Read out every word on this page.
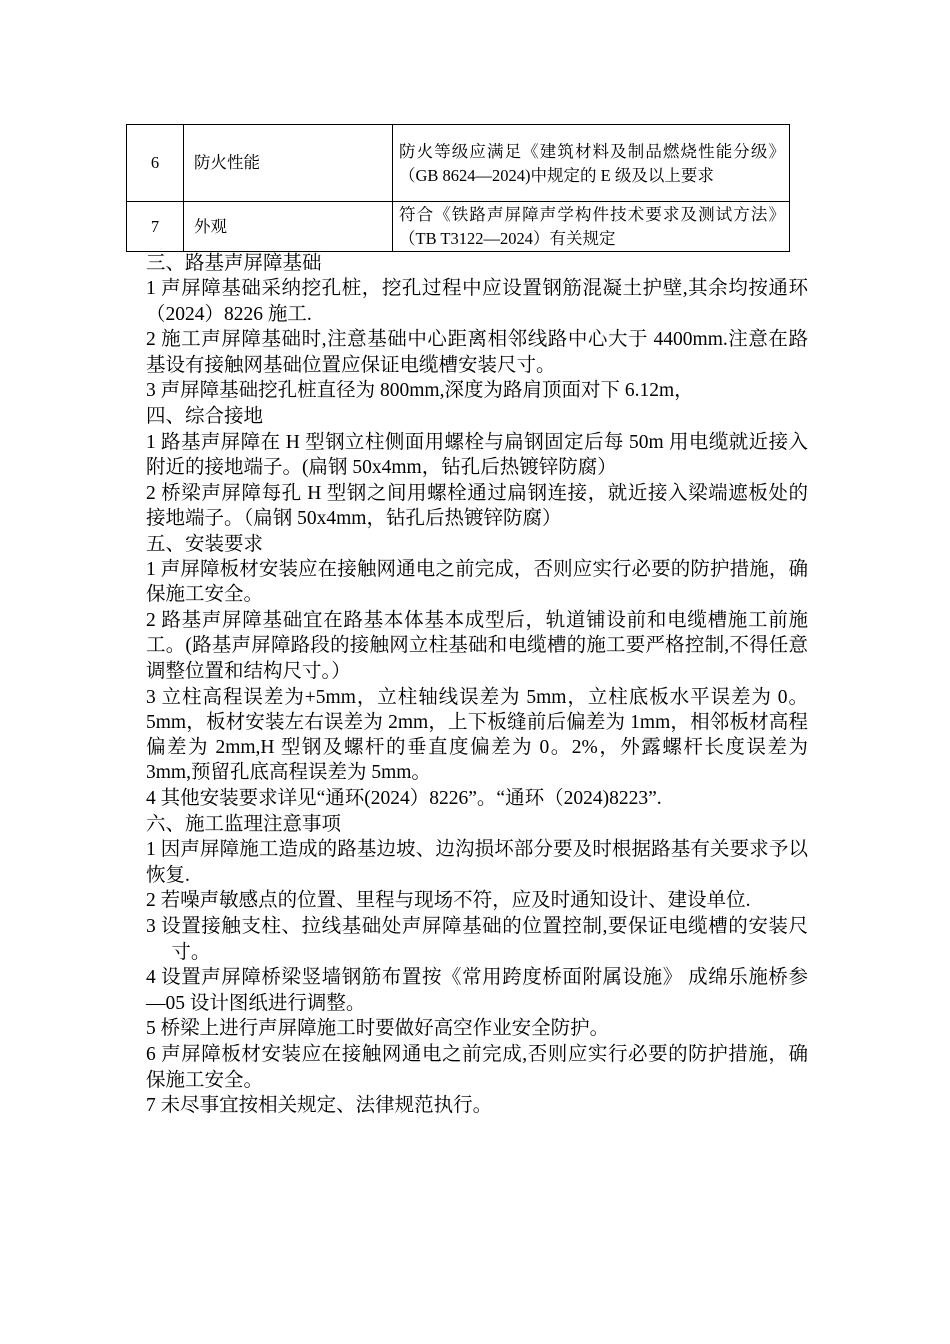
6	防火性能	防火等级应满足《建筑材料及制品燃烧性能分级》（GB 8624—2024)中规定的 E 级及以上要求
7	外观	符合《铁路声屏障声学构件技术要求及测试方法》（TB T3122—2024）有关规定
三、路基声屏障基础

1 声屏障基础采纳挖孔桩，挖孔过程中应设置钢筋混凝土护壁,其余均按通环（2024）8226 施工.

2 施工声屏障基础时,注意基础中心距离相邻线路中心大于 4400mm.注意在路基设有接触网基础位置应保证电缆槽安装尺寸。

3 声屏障基础挖孔桩直径为 800mm,深度为路肩顶面对下 6.12m，

四、综合接地

1 路基声屏障在 H 型钢立柱侧面用螺栓与扁钢固定后每 50m 用电缆就近接入附近的接地端子。(扁钢 50x4mm，钻孔后热镀锌防腐）

2 桥梁声屏障每孔 H 型钢之间用螺栓通过扁钢连接，就近接入梁端遮板处的接地端子。（扁钢 50x4mm，钻孔后热镀锌防腐）

五、安装要求

1 声屏障板材安装应在接触网通电之前完成，否则应实行必要的防护措施，确保施工安全。

2 路基声屏障基础宜在路基本体基本成型后，轨道铺设前和电缆槽施工前施工。(路基声屏障路段的接触网立柱基础和电缆槽的施工要严格控制,不得任意调整位置和结构尺寸。）

3 立柱高程误差为+5mm，立柱轴线误差为 5mm，立柱底板水平误差为 0。5mm，板材安装左右误差为 2mm，上下板缝前后偏差为 1mm，相邻板材高程偏差为 2mm,H 型钢及螺杆的垂直度偏差为 0。2%，外露螺杆长度误差为 3mm,预留孔底高程误差为 5mm。

4 其他安装要求详见“通环(2024）8226”。“通环（2024)8223”.

六、施工监理注意事项

1 因声屏障施工造成的路基边坡、边沟损坏部分要及时根据路基有关要求予以恢复.

2 若噪声敏感点的位置、里程与现场不符，应及时通知设计、建设单位.

3 设置接触支柱、拉线基础处声屏障基础的位置控制,要保证电缆槽的安装尺寸。

4 设置声屏障桥梁竖墙钢筋布置按《常用跨度桥面附属设施》 成绵乐施桥参—05 设计图纸进行调整。

5 桥梁上进行声屏障施工时要做好高空作业安全防护。

6 声屏障板材安装应在接触网通电之前完成,否则应实行必要的防护措施，确保施工安全。

7 未尽事宜按相关规定、法律规范执行。
